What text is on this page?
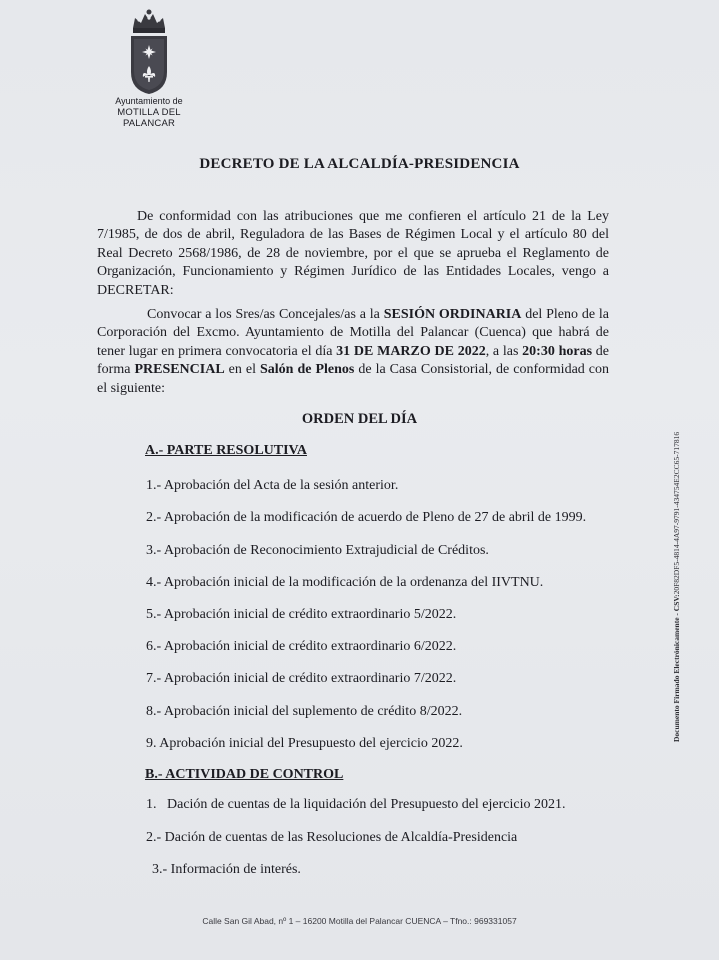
Ayuntamiento de
MOTILLA DEL PALANCAR
DECRETO DE LA ALCALDÍA-PRESIDENCIA
De conformidad con las atribuciones que me confieren el artículo 21 de la Ley 7/1985, de dos de abril, Reguladora de las Bases de Régimen Local y el artículo 80 del Real Decreto 2568/1986, de 28 de noviembre, por el que se aprueba el Reglamento de Organización, Funcionamiento y Régimen Jurídico de las Entidades Locales, vengo a DECRETAR:
Convocar a los Sres/as Concejales/as a la SESIÓN ORDINARIA del Pleno de la Corporación del Excmo. Ayuntamiento de Motilla del Palancar (Cuenca) que habrá de tener lugar en primera convocatoria el día 31 DE MARZO DE 2022, a las 20:30 horas de forma PRESENCIAL en el Salón de Plenos de la Casa Consistorial, de conformidad con el siguiente:
ORDEN DEL DÍA
A.- PARTE RESOLUTIVA
1.- Aprobación del Acta de la sesión anterior.
2.- Aprobación de la modificación de acuerdo de Pleno de 27 de abril de 1999.
3.- Aprobación de Reconocimiento Extrajudicial de Créditos.
4.- Aprobación inicial de la modificación de la ordenanza del IIVTNU.
5.- Aprobación inicial de crédito extraordinario 5/2022.
6.- Aprobación inicial de crédito extraordinario 6/2022.
7.- Aprobación inicial de crédito extraordinario 7/2022.
8.- Aprobación inicial del suplemento de crédito 8/2022.
9. Aprobación inicial del Presupuesto del ejercicio 2022.
B.- ACTIVIDAD DE CONTROL
1.   Dación de cuentas de la liquidación del Presupuesto del ejercicio 2021.
2.- Dación de cuentas de las Resoluciones de Alcaldía-Presidencia
3.- Información de interés.
Documento Firmado Electrónicamente - CSV:20F82DF5-4814-4A97-9791-434754E2CC65-717816
Calle San Gil Abad, nº 1 – 16200 Motilla del Palancar CUENCA – Tfno.: 969331057
